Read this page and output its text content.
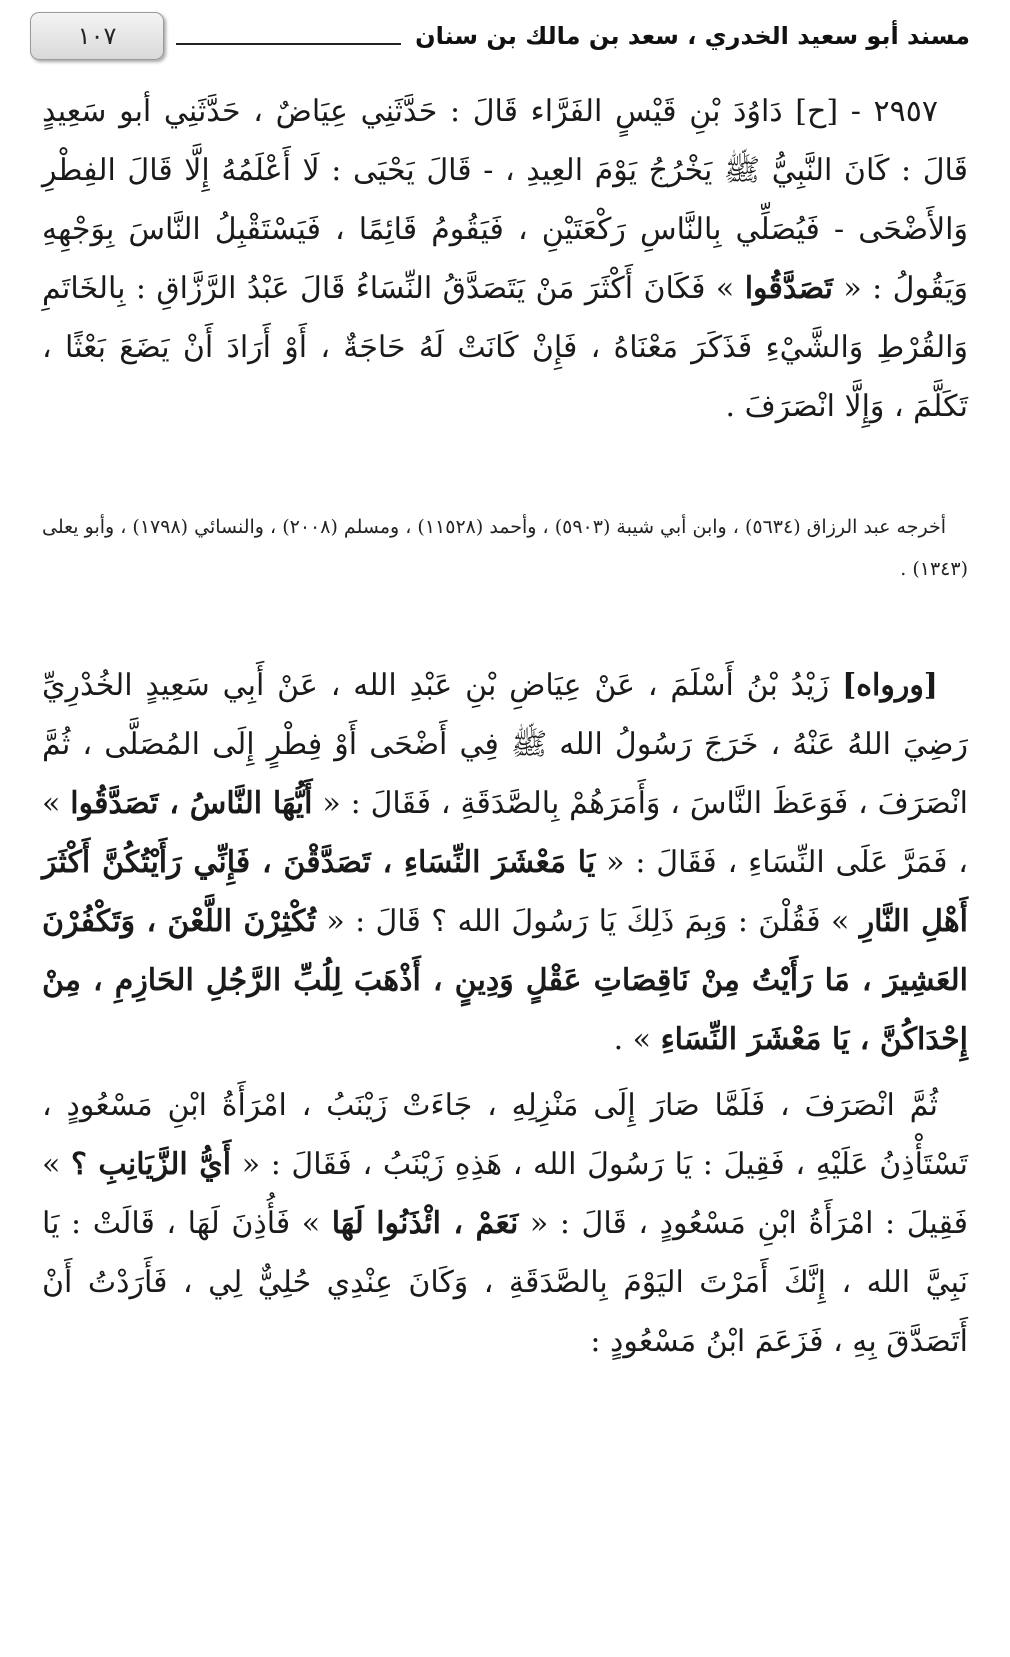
مسند أبو سعيد الخدري ، سعد بن مالك بن سنان
١٠٧
٢٩٥٧ - [ح] دَاوُدَ بْنِ قَيْسٍ الفَرَّاء قَالَ : حَدَّثَنِي عِيَاضٌ ، حَدَّثَنِي أبو سَعِيدٍ قَالَ : كَانَ النَّبِيُّ ﷺ يَخْرُجُ يَوْمَ العِيدِ ، - قَالَ يَحْيَى : لَا أَعْلَمُهُ إِلَّا قَالَ الفِطْرِ وَالأَضْحَى - فَيُصَلِّي بِالنَّاسِ رَكْعَتَيْنِ ، فَيَقُومُ قَائِمًا ، فَيَسْتَقْبِلُ النَّاسَ بِوَجْهِهِ وَيَقُولُ : « تَصَدَّقُوا » فَكَانَ أَكْثَرَ مَنْ يَتَصَدَّقُ النِّسَاءُ قَالَ عَبْدُ الرَّزَّاقِ : بِالخَاتَمِ وَالقُرْطِ وَالشَّيْءِ فَذَكَرَ مَعْنَاهُ ، فَإِنْ كَانَتْ لَهُ حَاجَةٌ ، أَوْ أَرَادَ أَنْ يَضَعَ بَعْثًا ، تَكَلَّمَ ، وَإِلَّا انْصَرَفَ .
أخرجه عبد الرزاق (٥٦٣٤) ، وابن أبي شيبة (٥٩٠٣) ، وأحمد (١١٥٢٨) ، ومسلم (٢٠٠٨) ، والنسائي (١٧٩٨) ، وأبو يعلى (١٣٤٣) .
[ورواه] زَيْدُ بْنُ أَسْلَمَ ، عَنْ عِيَاضِ بْنِ عَبْدِ الله ، عَنْ أَبِي سَعِيدٍ الخُدْرِيِّ رَضِيَ اللهُ عَنْهُ ، خَرَجَ رَسُولُ الله ﷺ فِي أَضْحَى أَوْ فِطْرٍ إِلَى المُصَلَّى ، ثُمَّ انْصَرَفَ ، فَوَعَظَ النَّاسَ ، وَأَمَرَهُمْ بِالصَّدَقَةِ ، فَقَالَ : « أَيُّهَا النَّاسُ ، تَصَدَّقُوا » ، فَمَرَّ عَلَى النِّسَاءِ ، فَقَالَ : « يَا مَعْشَرَ النِّسَاءِ ، تَصَدَّقْنَ ، فَإِنِّي رَأَيْتُكُنَّ أَكْثَرَ أَهْلِ النَّارِ » فَقُلْنَ : وَبِمَ ذَلِكَ يَا رَسُولَ الله ؟ قَالَ : « تُكْثِرْنَ اللَّعْنَ ، وَتَكْفُرْنَ العَشِيرَ ، مَا رَأَيْتُ مِنْ نَاقِصَاتِ عَقْلٍ وَدِينٍ ، أَذْهَبَ لِلُبِّ الرَّجُلِ الحَازِمِ ، مِنْ إِحْدَاكُنَّ ، يَا مَعْشَرَ النِّسَاءِ » .
ثُمَّ انْصَرَفَ ، فَلَمَّا صَارَ إِلَى مَنْزِلِهِ ، جَاءَتْ زَيْنَبُ ، امْرَأَةُ ابْنِ مَسْعُودٍ ، تَسْتَأْذِنُ عَلَيْهِ ، فَقِيلَ : يَا رَسُولَ الله ، هَذِهِ زَيْنَبُ ، فَقَالَ : « أَيُّ الزَّيَانِبِ ؟ » فَقِيلَ : امْرَأَةُ ابْنِ مَسْعُودٍ ، قَالَ : « نَعَمْ ، ائْذَنُوا لَهَا » فَأُذِنَ لَهَا ، قَالَتْ : يَا نَبِيَّ الله ، إِنَّكَ أَمَرْتَ اليَوْمَ بِالصَّدَقَةِ ، وَكَانَ عِنْدِي حُلِيٌّ لِي ، فَأَرَدْتُ أَنْ أَتَصَدَّقَ بِهِ ، فَزَعَمَ ابْنُ مَسْعُودٍ :
